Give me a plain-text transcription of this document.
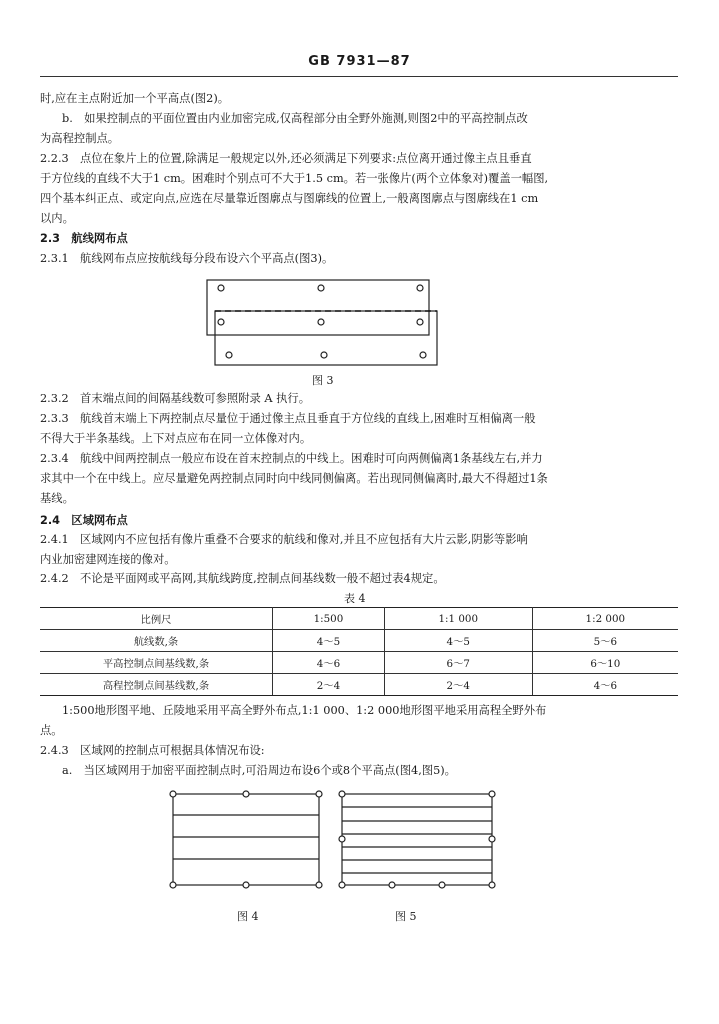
GB 7931—87
时,应在主点附近加一个平高点(图2)。
b.　如果控制点的平面位置由内业加密完成,仅高程部分由全野外施测,则图2中的平高控制点改
为高程控制点。
2.2.3　点位在象片上的位置,除满足一般规定以外,还必须满足下列要求:点位离开通过像主点且垂直
于方位线的直线不大于1 cm。困难时个别点可不大于1.5 cm。若一张像片(两个立体象对)覆盖一幅图,
四个基本纠正点、或定向点,应选在尽量靠近图廓点与图廓线的位置上,一般离图廓点与图廓线在1 cm
以内。
2.3　航线网布点
2.3.1　航线网布点应按航线每分段布设六个平高点(图3)。
图 3
2.3.2　首末端点间的间隔基线数可参照附录 A 执行。
2.3.3　航线首末端上下两控制点尽量位于通过像主点且垂直于方位线的直线上,困难时互相偏离一般
不得大于半条基线。上下对点应布在同一立体像对内。
2.3.4　航线中间两控制点一般应布设在首末控制点的中线上。困难时可向两侧偏离1条基线左右,并力
求其中一个在中线上。应尽量避免两控制点同时向中线同侧偏离。若出现同侧偏离时,最大不得超过1条
基线。
2.4　区域网布点
2.4.1　区域网内不应包括有像片重叠不合要求的航线和像对,并且不应包括有大片云影,阴影等影响
内业加密建网连接的像对。
2.4.2　不论是平面网或平高网,其航线跨度,控制点间基线数一般不超过表4规定。
表 4
比例尺	1:500	1:1 000	1:2 000
航线数,条	4～5	4～5	5～6
平高控制点间基线数,条	4～6	6～7	6～10
高程控制点间基线数,条	2～4	2～4	4～6
1:500地形图平地、丘陵地采用平高全野外布点,1:1 000、1:2 000地形图平地采用高程全野外布
点。
2.4.3　区域网的控制点可根据具体情况布设:
a.　当区域网用于加密平面控制点时,可沿周边布设6个或8个平高点(图4,图5)。
图 4	图 5
